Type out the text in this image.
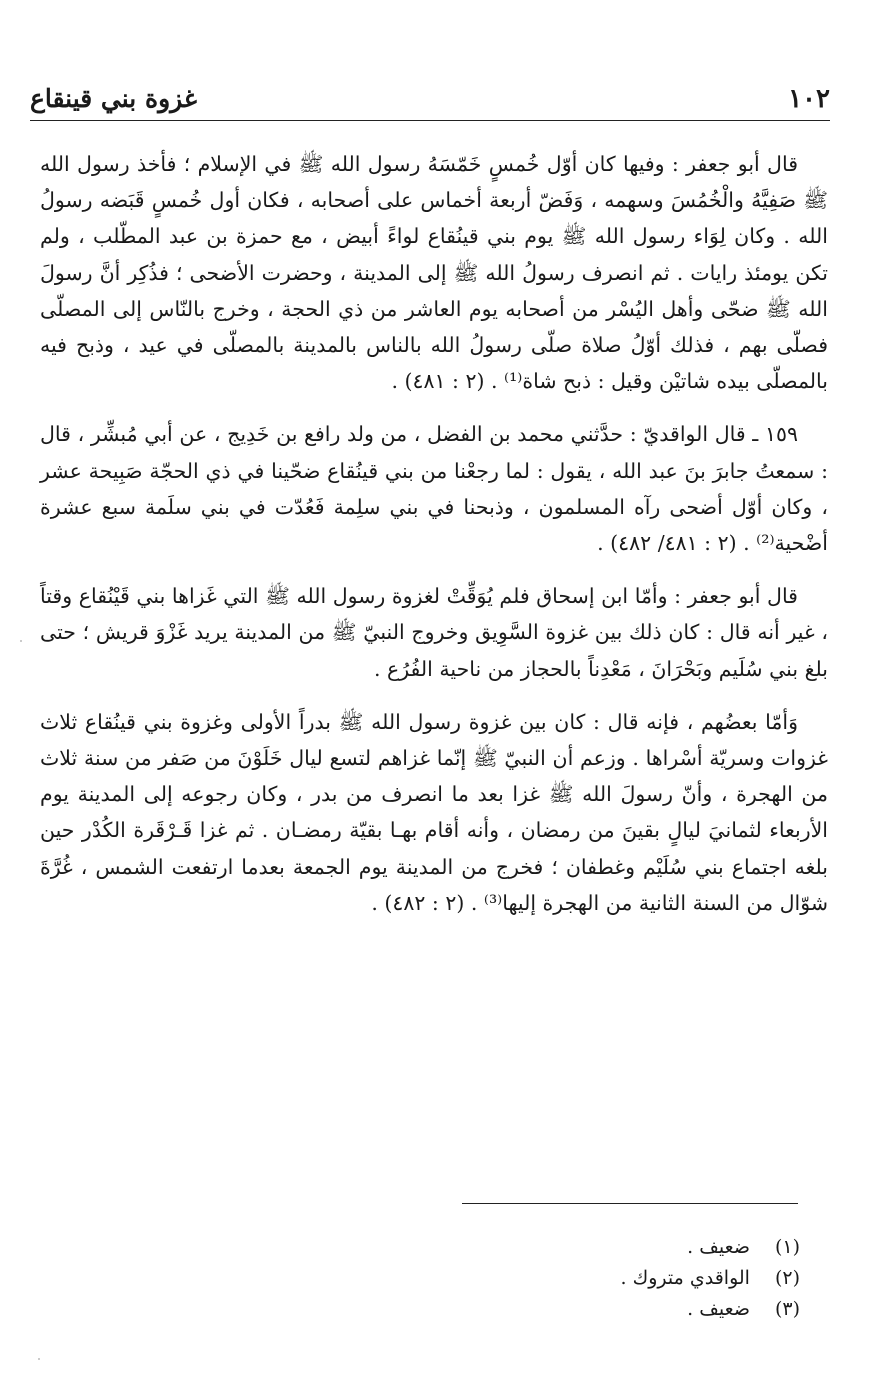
١٠٢
غزوة بني قينقاع

قال أبو جعفر : وفيها كان أوّل خُمسٍ خَمّسَهُ رسول الله ﷺ في الإسلام ؛ فأخذ رسول الله ﷺ صَفِيَّهُ والْخُمُسَ وسهمه ، وَفَضّ أربعة أخماس على أصحابه ، فكان أول خُمسٍ قَبَضه رسولُ الله . وكان لِوَاء رسول الله ﷺ يوم بني قينُقاع لواءً أبيض ، مع حمزة بن عبد المطّلب ، ولم تكن يومئذ رايات . ثم انصرف رسولُ الله ﷺ إلى المدينة ، وحضرت الأضحى ؛ فذُكِر أنَّ رسولَ الله ﷺ ضحّى وأهل اليُسْر من أصحابه يوم العاشر من ذي الحجة ، وخرج بالنّاس إلى المصلّى فصلّى بهم ، فذلك أوّلُ صلاة صلّى رسولُ الله بالناس بالمدينة بالمصلّى في عيد ، وذبح فيه بالمصلّى بيده شاتيْن وقيل : ذبح شاة⁽¹⁾ . (٢ : ٤٨١) .

١٥٩ ـ قال الواقديّ : حدَّثني محمد بن الفضل ، من ولد رافع بن خَدِيج ، عن أبي مُبشِّر ، قال : سمعتُ جابرَ بنَ عبد الله ، يقول : لما رجعْنا من بني قينُقاع ضحّينا في ذي الحجّة صَبِيحة عشر ، وكان أوّل أضحى رآه المسلمون ، وذبحنا في بني سلِمة فَعُدّت في بني سلَمة سبع عشرة أضْحية⁽²⁾ . (٢ : ٤٨١/ ٤٨٢) .

قال أبو جعفر : وأمّا ابن إسحاق فلم يُوَقِّتْ لغزوة رسول الله ﷺ التي غَزاها بني قَيْنُقاع وقتاً ، غير أنه قال : كان ذلك بين غزوة السَّوِيق وخروج النبيّ ﷺ من المدينة يريد غَزْوَ قريش ؛ حتى بلغ بني سُلَيم وبَحْرَانَ ، مَعْدِناً بالحجاز من ناحية الفُرُع .

وَأمّا بعضُهم ، فإنه قال : كان بين غزوة رسول الله ﷺ بدراً الأولى وغزوة بني قينُقاع ثلاث غزوات وسريّة أسْراها . وزعم أن النبيّ ﷺ إنّما غزاهم لتسع ليال خَلَوْنَ من صَفر من سنة ثلاث من الهجرة ، وأنّ رسولَ الله ﷺ غزا بعد ما انصرف من بدر ، وكان رجوعه إلى المدينة يوم الأربعاء لثمانيَ ليالٍ بقينَ من رمضان ، وأنه أقام بهـا بقيّة رمضـان . ثم غزا قَـرْقَرة الكُدْر حين بلغه اجتماع بني سُلَيْم وغطفان ؛ فخرج من المدينة يوم الجمعة بعدما ارتفعت الشمس ، غُرَّةَ شوّال من السنة الثانية من الهجرة إليها⁽³⁾ . (٢ : ٤٨٢) .

(١) ضعيف .
(٢) الواقدي متروك .
(٣) ضعيف .
